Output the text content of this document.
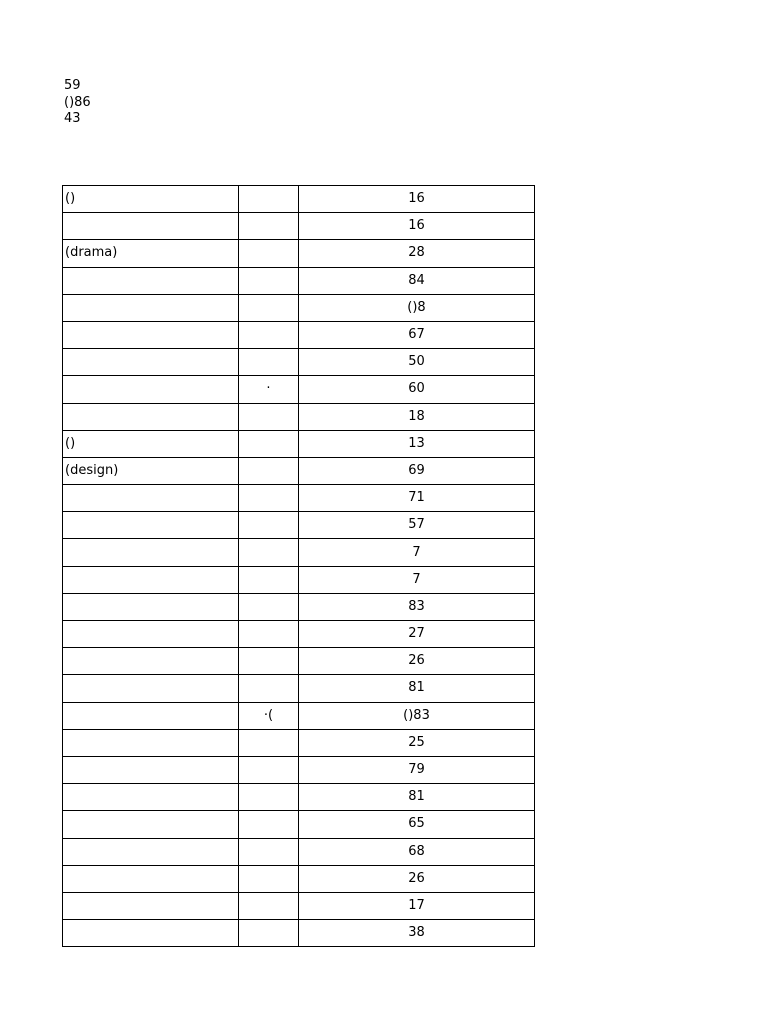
59
()86
43
()		16
		16
(drama)		28
		84
		()8
		67
		50
	·	60
		18
()		13
(design)		69
		71
		57
		7
		7
		83
		27
		26
		81
	·(	()83
		25
		79
		81
		65
		68
		26
		17
		38
